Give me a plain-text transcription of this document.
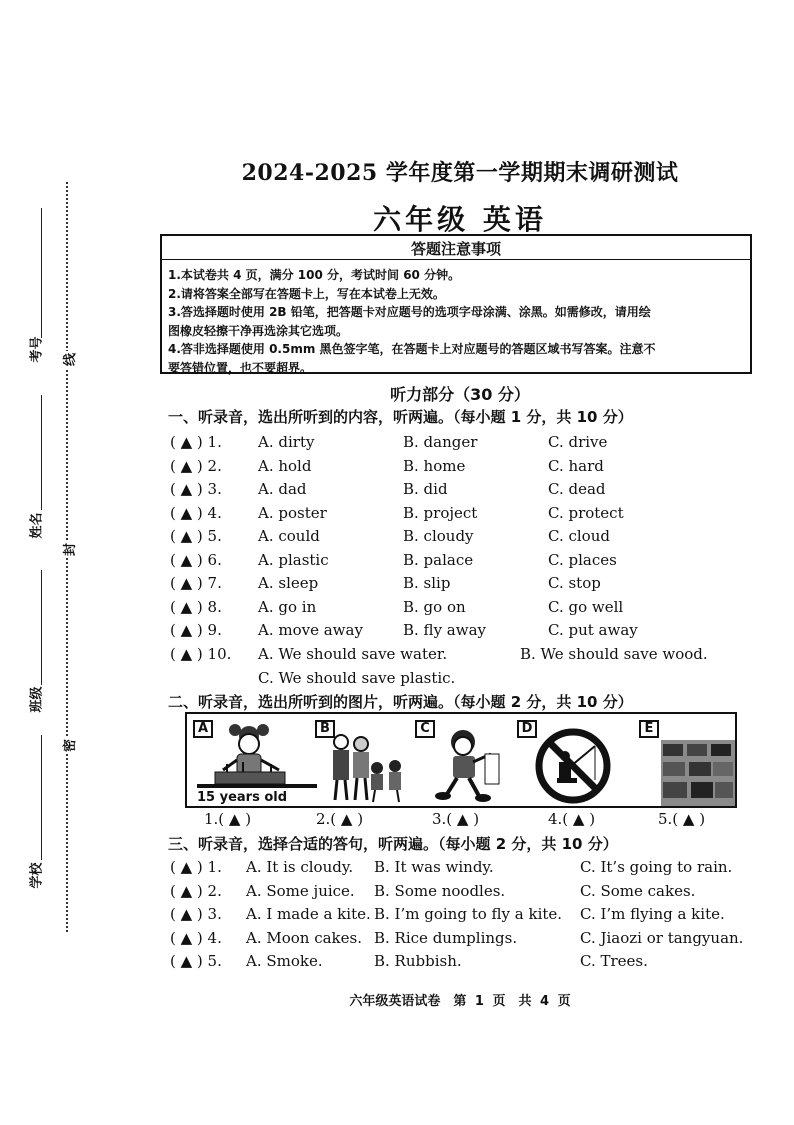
考号
姓名
班级
学校
线
封
密
2024-2025 学年度第一学期期末调研测试
六年级 英语
答题注意事项
1.本试卷共 4 页，满分 100 分，考试时间 60 分钟。
2.请将答案全部写在答题卡上，写在本试卷上无效。
3.答选择题时使用 2B 铅笔，把答题卡对应题号的选项字母涂满、涂黑。如需修改，请用绘
图橡皮轻擦干净再选涂其它选项。
4.答非选择题使用 0.5mm 黑色签字笔，在答题卡上对应题号的答题区域书写答案。注意不
要答错位置，也不要超界。
听力部分（30 分）
一、听录音，选出所听到的内容，听两遍。（每小题 1 分，共 10 分）
( ▲ ) 1. A. dirty	B. danger	C. drive
( ▲ ) 2. A. hold	B. home	C. hard
( ▲ ) 3. A. dad	B. did	C. dead
( ▲ ) 4. A. poster	B. project	C. protect
( ▲ ) 5. A. could	B. cloudy	C. cloud
( ▲ ) 6. A. plastic	B. palace	C. places
( ▲ ) 7. A. sleep	B. slip	C. stop
( ▲ ) 8. A. go in	B. go on	C. go well
( ▲ ) 9. A. move away	B. fly away	C. put away
( ▲ ) 10. A. We should save water.	B. We should save wood.
C. We should save plastic.
二、听录音，选出所听到的图片，听两遍。（每小题 2 分，共 10 分）
A
15 years old
B	C	D	E
1.( ▲ )	2.( ▲ )	3.( ▲ )	4.( ▲ )	5.( ▲ )
三、听录音，选择合适的答句，听两遍。（每小题 2 分，共 10 分）
( ▲ ) 1. A. It is cloudy. B. It was windy.	C. It’s going to rain.
( ▲ ) 2. A. Some juice. B. Some noodles.	C. Some cakes.
( ▲ ) 3. A. I made a kite. B. I’m going to fly a kite. C. I’m flying a kite.
( ▲ ) 4. A. Moon cakes. B. Rice dumplings.	C. Jiaozi or tangyuan.
( ▲ ) 5. A. Smoke.	B. Rubbish.	C. Trees.
六年级英语试卷　第 1 页　共 4 页
